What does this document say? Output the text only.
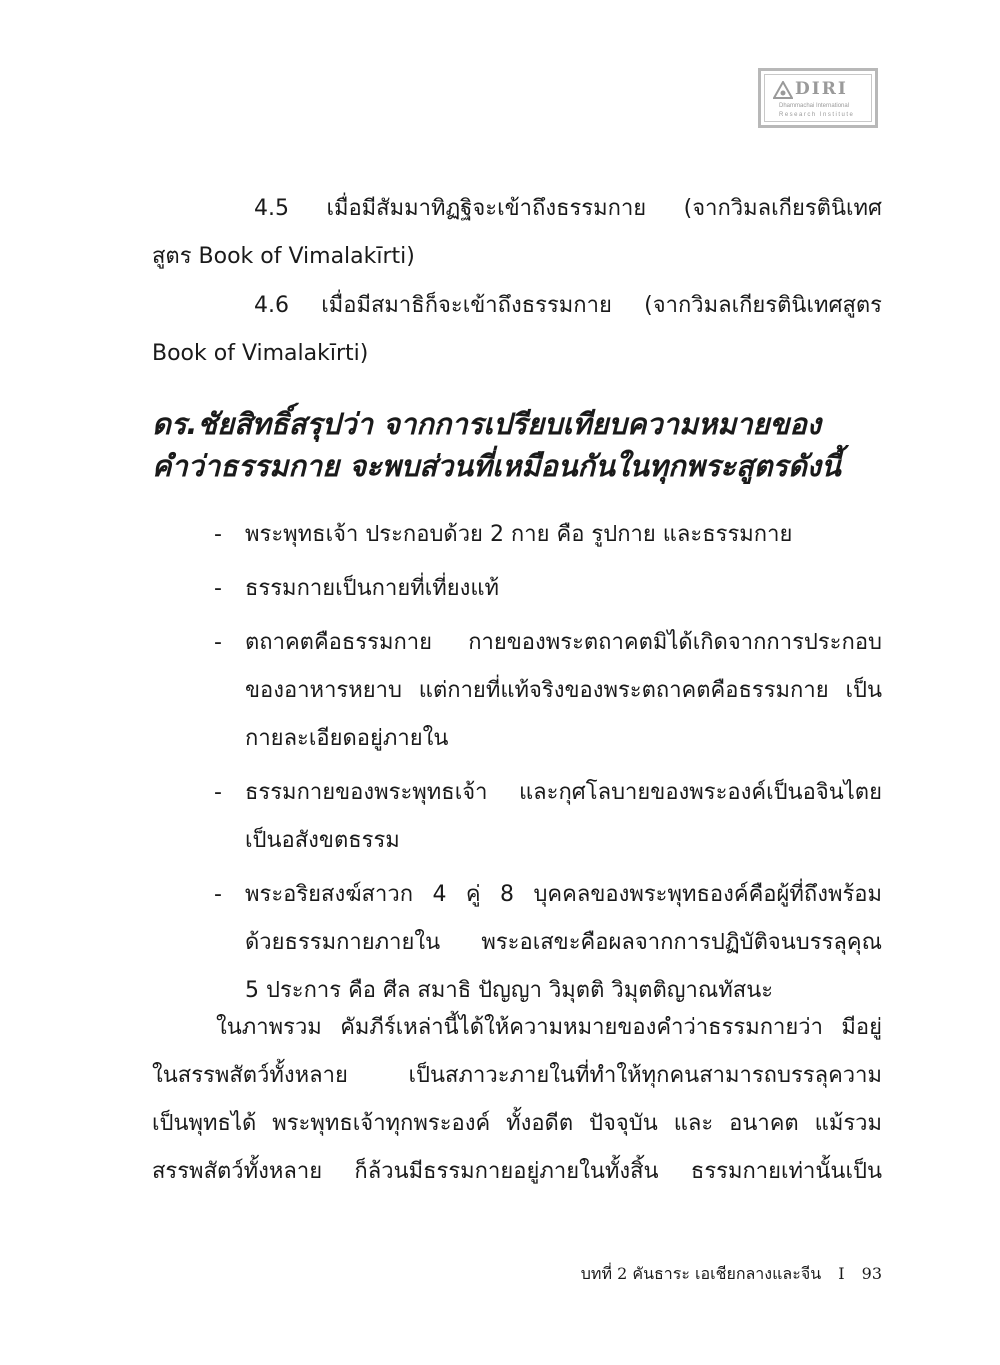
DIRI
Dhammachai International
Research Institute
4.5 เมื่อมีสัมมาทิฏฐิจะเข้าถึงธรรมกาย (จากวิมลเกียรตินิเทศ
สูตร Book of Vimalakīrti)
4.6 เมื่อมีสมาธิก็จะเข้าถึงธรรมกาย (จากวิมลเกียรตินิเทศสูตร
Book of Vimalakīrti)
ดร.ชัยสิทธิ์สรุปว่า จากการเปรียบเทียบความหมายของ
คำว่าธรรมกาย จะพบส่วนที่เหมือนกันในทุกพระสูตรดังนี้
- พระพุทธเจ้า ประกอบด้วย 2 กาย คือ รูปกาย และธรรมกาย
- ธรรมกายเป็นกายที่เที่ยงแท้
- ตถาคตคือธรรมกาย กายของพระตถาคตมิได้เกิดจากการประกอบ
ของอาหารหยาบ แต่กายที่แท้จริงของพระตถาคตคือธรรมกาย เป็น
กายละเอียดอยู่ภายใน
- ธรรมกายของพระพุทธเจ้า และกุศโลบายของพระองค์เป็นอจินไตย
เป็นอสังขตธรรม
- พระอริยสงฆ์สาวก 4 คู่ 8 บุคคลของพระพุทธองค์คือผู้ที่ถึงพร้อม
ด้วยธรรมกายภายใน พระอเสขะคือผลจากการปฏิบัติจนบรรลุคุณ
5 ประการ คือ ศีล สมาธิ ปัญญา วิมุตติ วิมุตติญาณทัสนะ
ในภาพรวม คัมภีร์เหล่านี้ได้ให้ความหมายของคำว่าธรรมกายว่า มีอยู่
ในสรรพสัตว์ทั้งหลาย เป็นสภาวะภายในที่ทำให้ทุกคนสามารถบรรลุความ
เป็นพุทธได้ พระพุทธเจ้าทุกพระองค์ ทั้งอดีต ปัจจุบัน และ อนาคต แม้รวม
สรรพสัตว์ทั้งหลาย ก็ล้วนมีธรรมกายอยู่ภายในทั้งสิ้น ธรรมกายเท่านั้นเป็น
บทที่ 2 คันธาระ เอเชียกลางและจีน I 93
